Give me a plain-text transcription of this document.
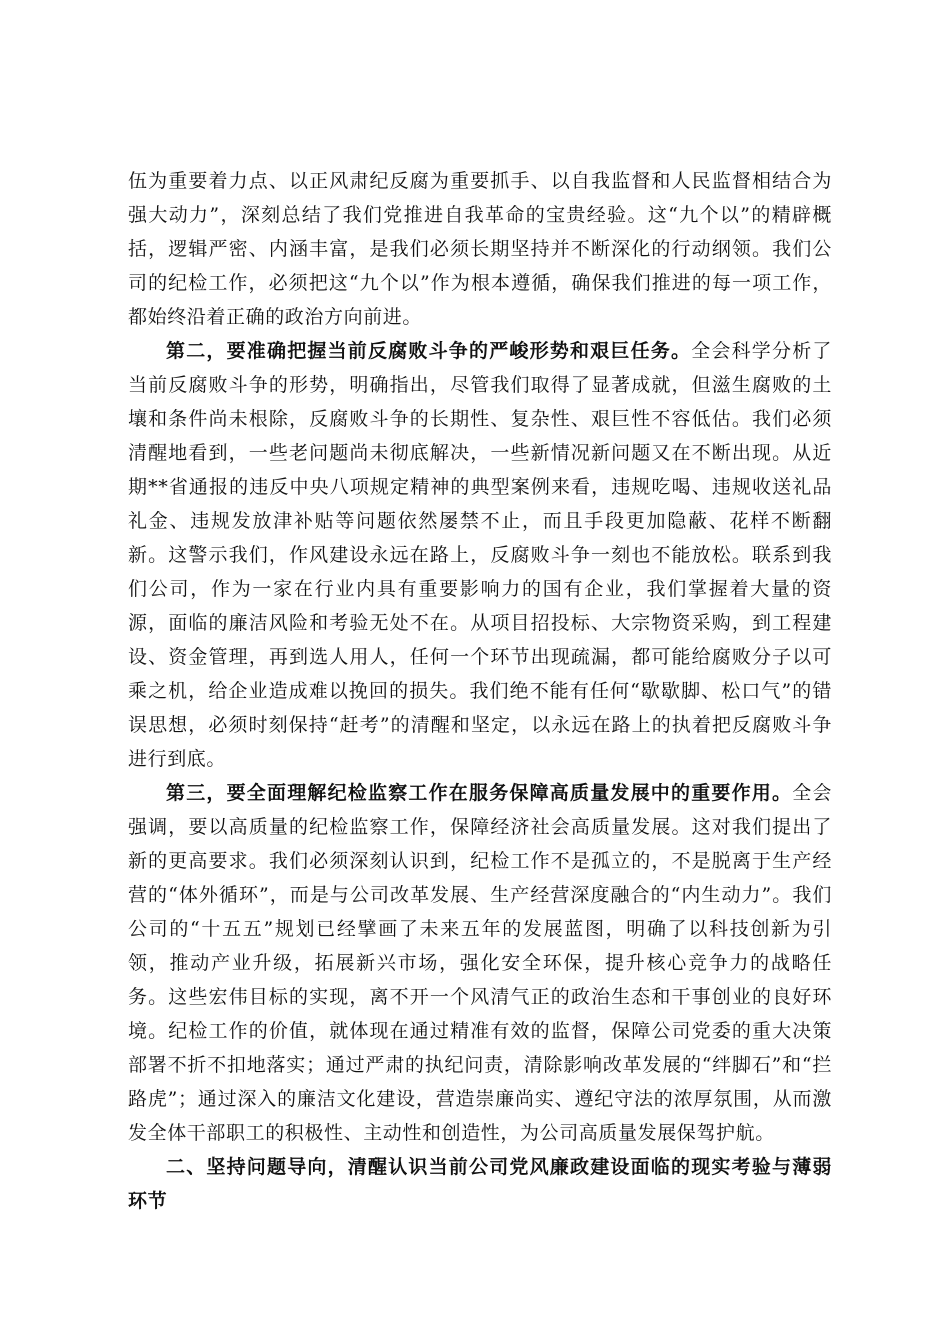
伍为重要着力点、以正风肃纪反腐为重要抓手、以自我监督和人民监督相结合为强大动力”，深刻总结了我们党推进自我革命的宝贵经验。这“九个以”的精辟概括，逻辑严密、内涵丰富，是我们必须长期坚持并不断深化的行动纲领。我们公司的纪检工作，必须把这“九个以”作为根本遵循，确保我们推进的每一项工作，都始终沿着正确的政治方向前进。

第二，要准确把握当前反腐败斗争的严峻形势和艰巨任务。全会科学分析了当前反腐败斗争的形势，明确指出，尽管我们取得了显著成就，但滋生腐败的土壤和条件尚未根除，反腐败斗争的长期性、复杂性、艰巨性不容低估。我们必须清醒地看到，一些老问题尚未彻底解决，一些新情况新问题又在不断出现。从近期**省通报的违反中央八项规定精神的典型案例来看，违规吃喝、违规收送礼品礼金、违规发放津补贴等问题依然屡禁不止，而且手段更加隐蔽、花样不断翻新。这警示我们，作风建设永远在路上，反腐败斗争一刻也不能放松。联系到我们公司，作为一家在行业内具有重要影响力的国有企业，我们掌握着大量的资源，面临的廉洁风险和考验无处不在。从项目招投标、大宗物资采购，到工程建设、资金管理，再到选人用人，任何一个环节出现疏漏，都可能给腐败分子以可乘之机，给企业造成难以挽回的损失。我们绝不能有任何“歇歇脚、松口气”的错误思想，必须时刻保持“赶考”的清醒和坚定，以永远在路上的执着把反腐败斗争进行到底。

第三，要全面理解纪检监察工作在服务保障高质量发展中的重要作用。全会强调，要以高质量的纪检监察工作，保障经济社会高质量发展。这对我们提出了新的更高要求。我们必须深刻认识到，纪检工作不是孤立的，不是脱离于生产经营的“体外循环”，而是与公司改革发展、生产经营深度融合的“内生动力”。我们公司的“十五五”规划已经擘画了未来五年的发展蓝图，明确了以科技创新为引领，推动产业升级，拓展新兴市场，强化安全环保，提升核心竞争力的战略任务。这些宏伟目标的实现，离不开一个风清气正的政治生态和干事创业的良好环境。纪检工作的价值，就体现在通过精准有效的监督，保障公司党委的重大决策部署不折不扣地落实；通过严肃的执纪问责，清除影响改革发展的“绊脚石”和“拦路虎”；通过深入的廉洁文化建设，营造崇廉尚实、遵纪守法的浓厚氛围，从而激发全体干部职工的积极性、主动性和创造性，为公司高质量发展保驾护航。

二、坚持问题导向，清醒认识当前公司党风廉政建设面临的现实考验与薄弱环节
